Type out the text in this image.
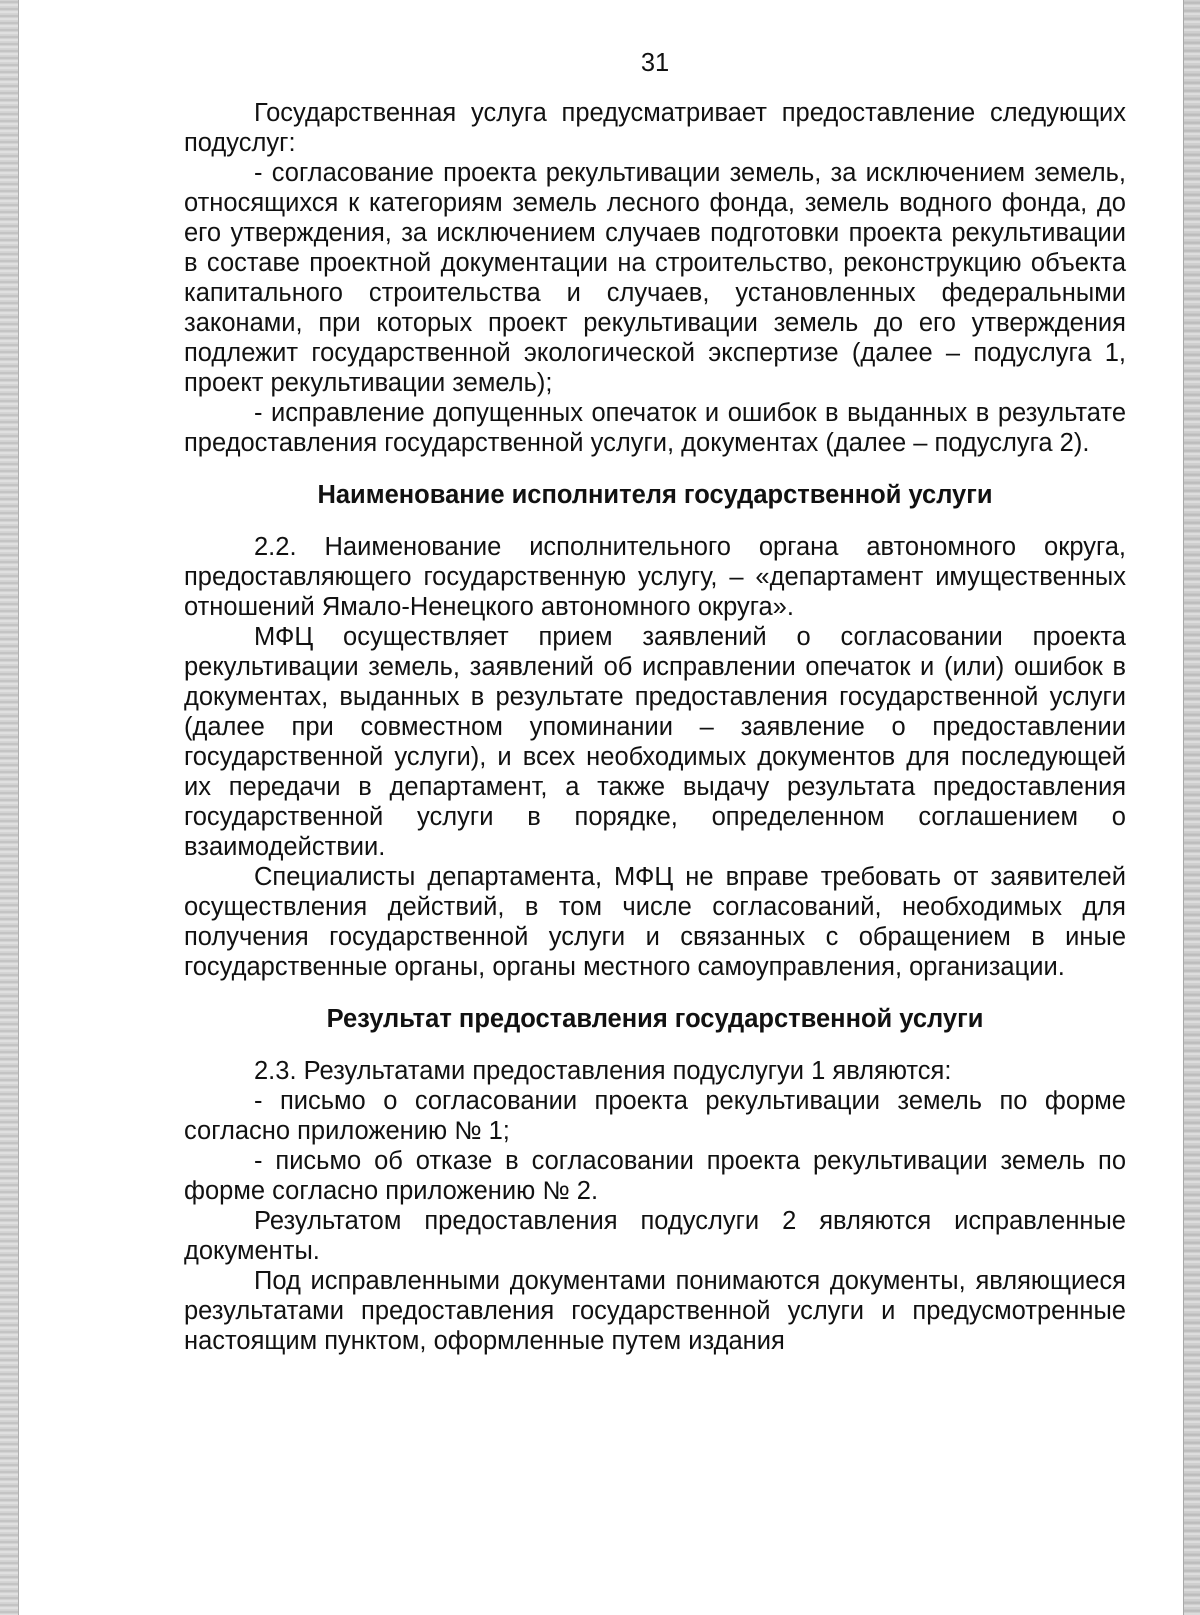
31

Государственная услуга предусматривает предоставление следующих подуслуг:

- согласование проекта рекультивации земель, за исключением земель, относящихся к категориям земель лесного фонда, земель водного фонда, до его утверждения, за исключением случаев подготовки проекта рекультивации в составе проектной документации на строительство, реконструкцию объекта капитального строительства и случаев, установленных федеральными законами, при которых проект рекультивации земель до его утверждения подлежит государственной экологической экспертизе (далее – подуслуга 1, проект рекультивации земель);

- исправление допущенных опечаток и ошибок в выданных в результате предоставления государственной услуги, документах (далее – подуслуга 2).

Наименование исполнителя государственной услуги

2.2. Наименование исполнительного органа автономного округа, предоставляющего государственную услугу, – «департамент имущественных отношений Ямало-Ненецкого автономного округа».

МФЦ осуществляет прием заявлений о согласовании проекта рекультивации земель, заявлений об исправлении опечаток и (или) ошибок в документах, выданных в результате предоставления государственной услуги (далее при совместном упоминании – заявление о предоставлении государственной услуги), и всех необходимых документов для последующей их передачи в департамент, а также выдачу результата предоставления государственной услуги в порядке, определенном соглашением о взаимодействии.

Специалисты департамента, МФЦ не вправе требовать от заявителей осуществления действий, в том числе согласований, необходимых для получения государственной услуги и связанных с обращением в иные государственные органы, органы местного самоуправления, организации.

Результат предоставления государственной услуги

2.3. Результатами предоставления подуслугуи 1 являются:

- письмо о согласовании проекта рекультивации земель по форме согласно приложению № 1;

- письмо об отказе в согласовании проекта рекультивации земель по форме согласно приложению № 2.

Результатом предоставления подуслуги 2 являются исправленные документы.

Под исправленными документами понимаются документы, являющиеся результатами предоставления государственной услуги и предусмотренные настоящим пунктом, оформленные путем издания
